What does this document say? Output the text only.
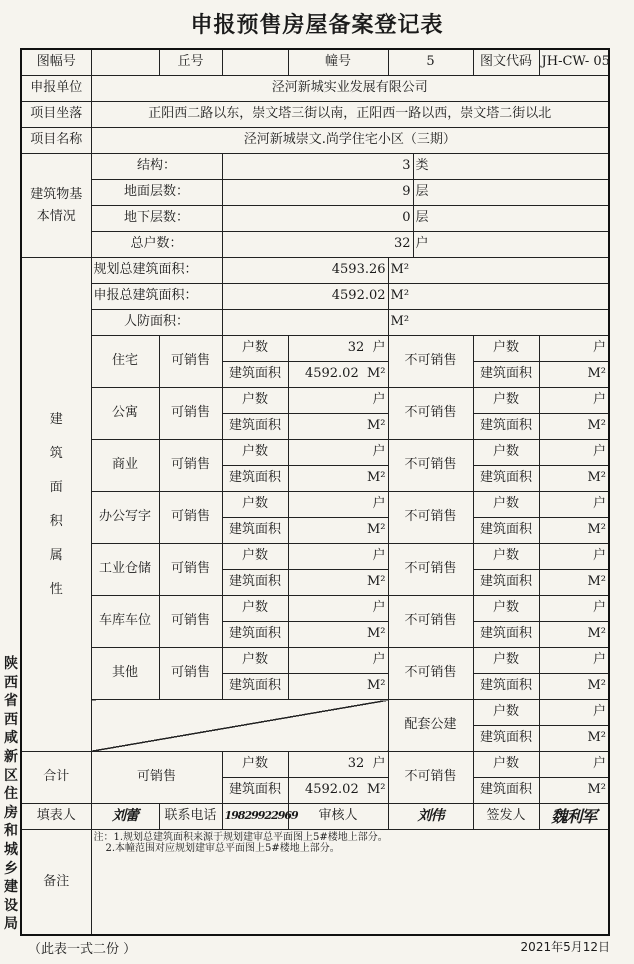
申报预售房屋备案登记表
陕西省西咸新区住房和城乡建设局
图幅号		丘号		幢号	5		图文代码	JH-CW- 05
申报单位	泾河新城实业发展有限公司							
项目坐落	正阳西二路以东，崇文塔三街以南，正阳西一路以西，崇文塔二街以北							
项目名称	泾河新城崇文.尚学住宅小区（三期）							
建筑物基本情况	结构：		3			类		
	地面层数：		9			层		
	地下层数：		0			层		
	总户数：		32			户		
建筑面积属性	规划总建筑面积：		4593.26		M²			
	申报总建筑面积：		4592.02		M²			
	人防面积：				M²			
	住宅	可销售	户数	32 户	不可销售		户数	户
			建筑面积	4592.02 M²			建筑面积	M²
	公寓	可销售	户数	户	不可销售		户数	户
			建筑面积	M²			建筑面积	M²
	商业	可销售	户数	户	不可销售		户数	户
			建筑面积	M²			建筑面积	M²
	办公写字	可销售	户数	户	不可销售		户数	户
			建筑面积	M²			建筑面积	M²
	工业仓储	可销售	户数	户	不可销售		户数	户
			建筑面积	M²			建筑面积	M²
	车库车位	可销售	户数	户	不可销售		户数	户
			建筑面积	M²			建筑面积	M²
	其他	可销售	户数	户	不可销售		户数	户
			建筑面积	M²			建筑面积	M²
					配套公建		户数	户
							建筑面积	M²

合计	可销售		户数	32 户	不可销售		户数	户
			建筑面积	4592.02 M²			建筑面积	M²
填表人	刘蕾	联系电话	19829922969	审核人	刘伟		签发人	魏利军
备注	注：1.规划总建筑面积来源于规划建审总平面图上5#楼地上部分。
2.本幢范围对应规划建审总平面图上5#楼地上部分。							
（此表一式二份 ）	2021年5月12日
